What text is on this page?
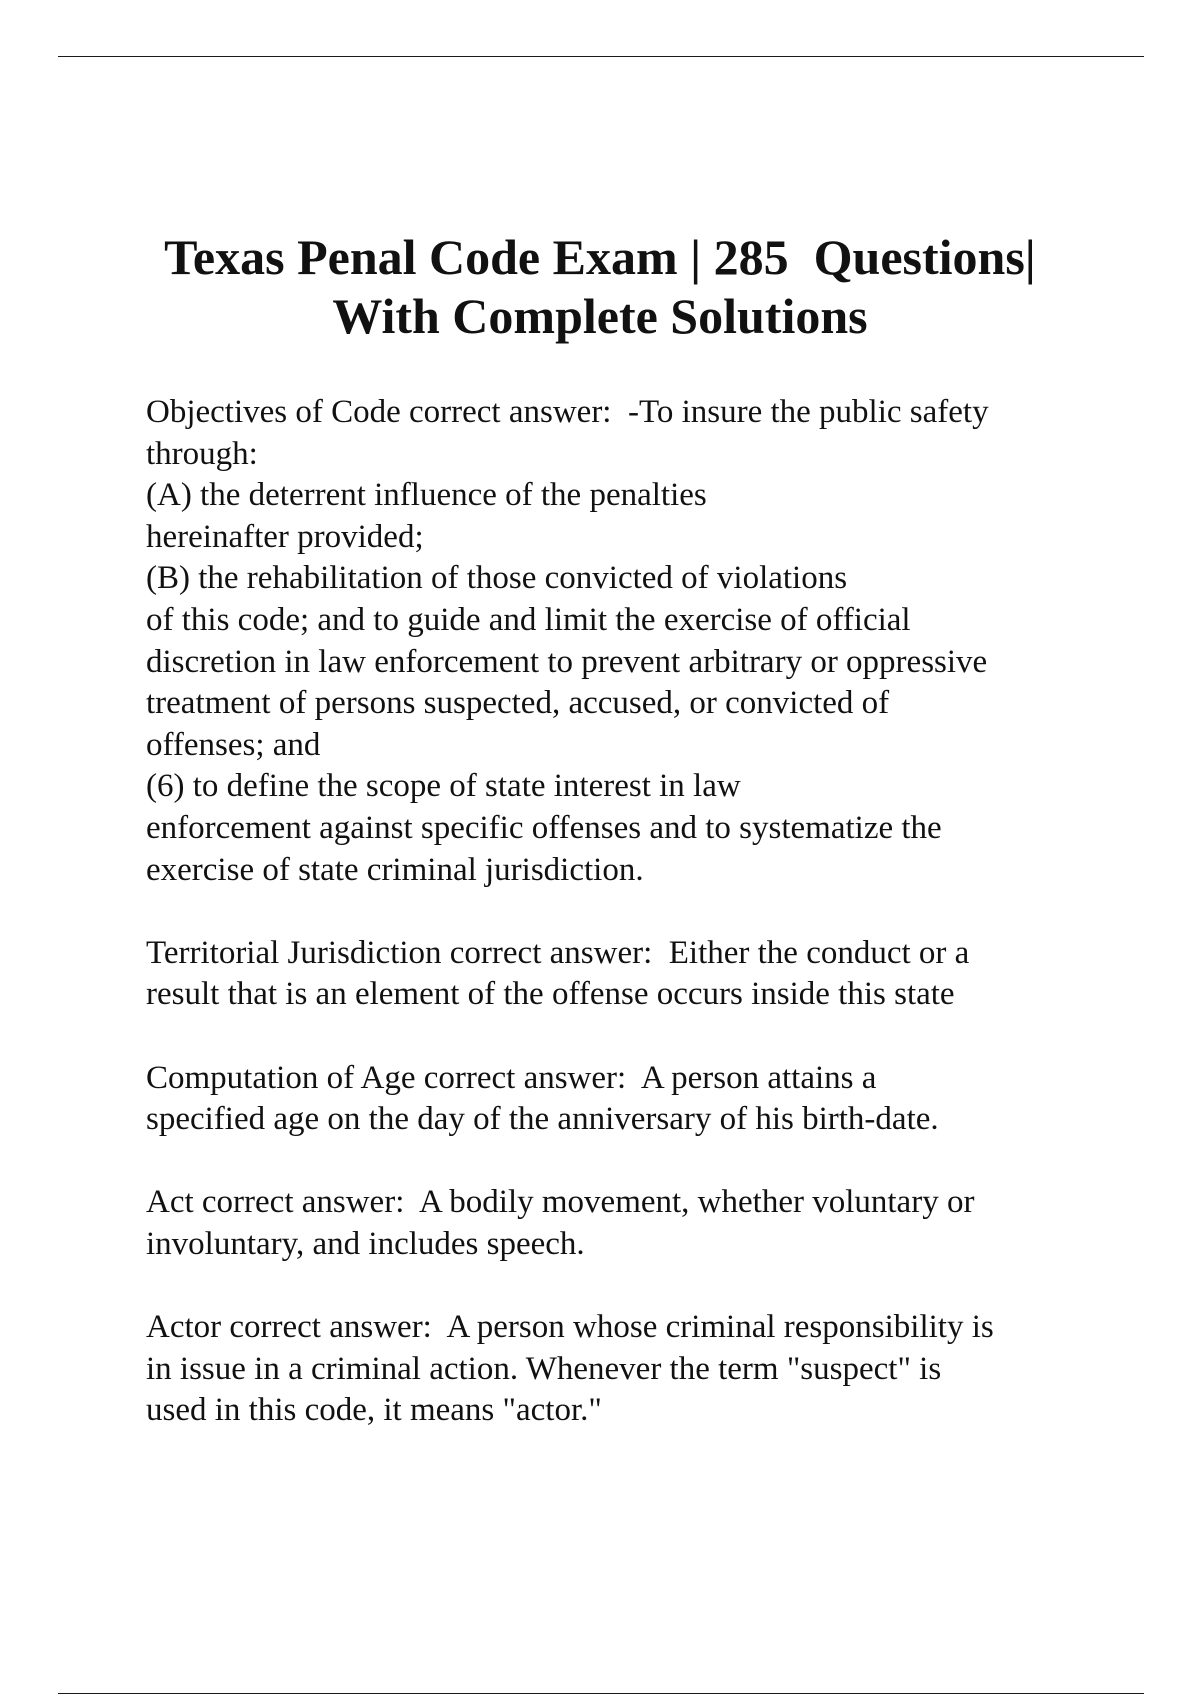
Texas Penal Code Exam | 285  Questions|
With Complete Solutions
Objectives of Code correct answer:  -To insure the public safety
through:
(A) the deterrent influence of the penalties
hereinafter provided;
(B) the rehabilitation of those convicted of violations
of this code; and to guide and limit the exercise of official
discretion in law enforcement to prevent arbitrary or oppressive
treatment of persons suspected, accused, or convicted of
offenses; and
(6) to define the scope of state interest in law
enforcement against specific offenses and to systematize the
exercise of state criminal jurisdiction.
Territorial Jurisdiction correct answer:  Either the conduct or a
result that is an element of the offense occurs inside this state
Computation of Age correct answer:  A person attains a
specified age on the day of the anniversary of his birth-date.
Act correct answer:  A bodily movement, whether voluntary or
involuntary, and includes speech.
Actor correct answer:  A person whose criminal responsibility is
in issue in a criminal action. Whenever the term "suspect" is
used in this code, it means "actor."
